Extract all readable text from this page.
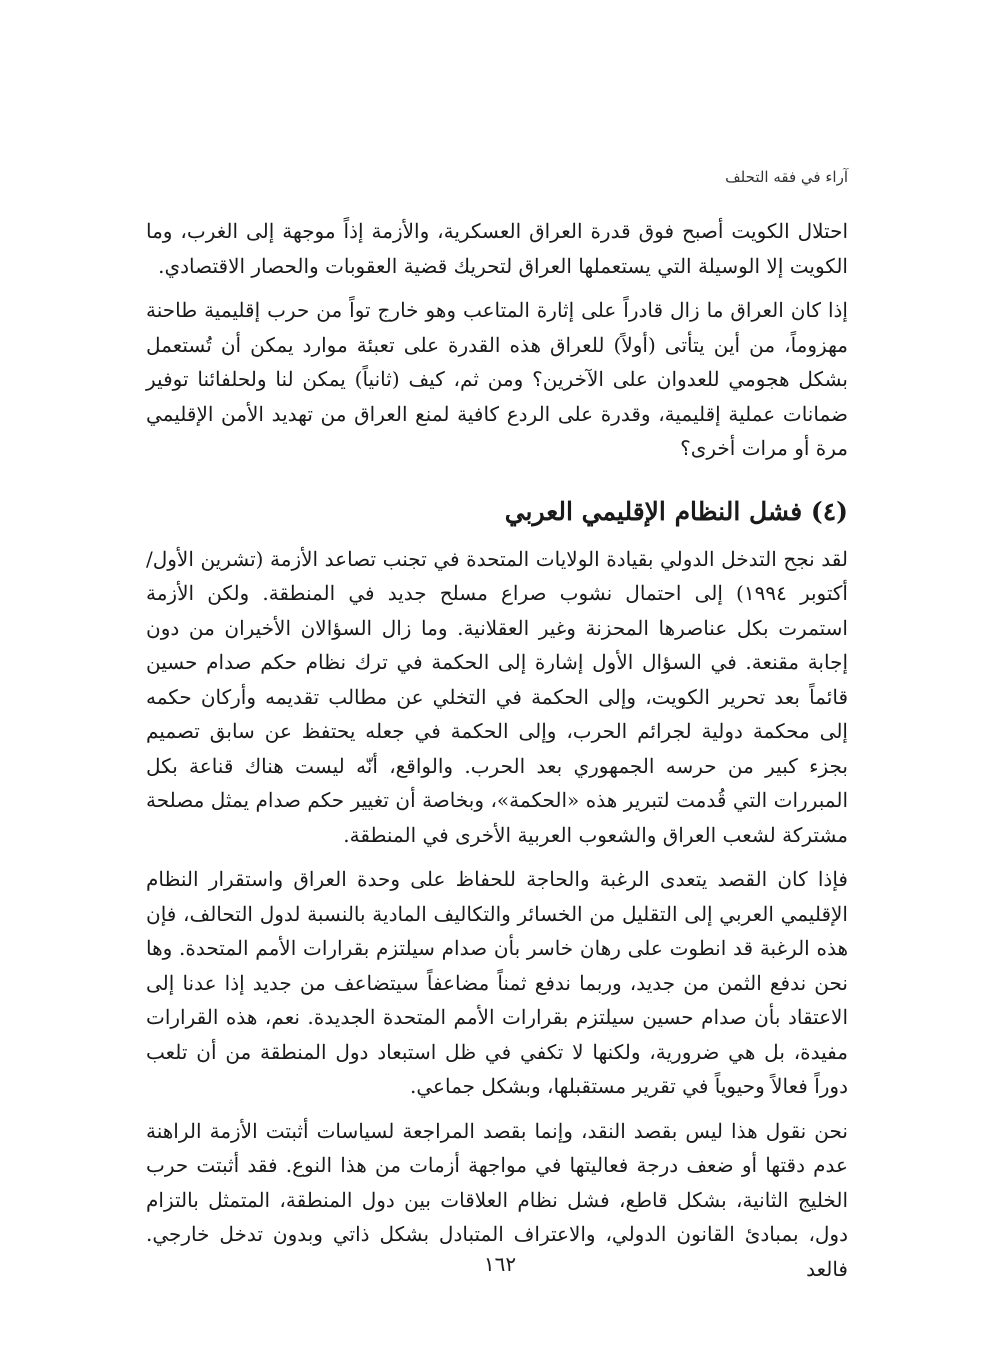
آراء في فقه التحلف

احتلال الكويت أصبح فوق قدرة العراق العسكرية، والأزمة إذاً موجهة إلى الغرب، وما الكويت إلا الوسيلة التي يستعملها العراق لتحريك قضية العقوبات والحصار الاقتصادي.

إذا كان العراق ما زال قادراً على إثارة المتاعب وهو خارج تواً من حرب إقليمية طاحنة مهزوماً، من أين يتأتى (أولاً) للعراق هذه القدرة على تعبئة موارد يمكن أن تُستعمل بشكل هجومي للعدوان على الآخرين؟ ومن ثم، كيف (ثانياً) يمكن لنا ولحلفائنا توفير ضمانات عملية إقليمية، وقدرة على الردع كافية لمنع العراق من تهديد الأمن الإقليمي مرة أو مرات أخرى؟

(٤) فشل النظام الإقليمي العربي

لقد نجح التدخل الدولي بقيادة الولايات المتحدة في تجنب تصاعد الأزمة (تشرين الأول/ أكتوبر ١٩٩٤) إلى احتمال نشوب صراع مسلح جديد في المنطقة. ولكن الأزمة استمرت بكل عناصرها المحزنة وغير العقلانية. وما زال السؤالان الأخيران من دون إجابة مقنعة. في السؤال الأول إشارة إلى الحكمة في ترك نظام حكم صدام حسين قائماً بعد تحرير الكويت، وإلى الحكمة في التخلي عن مطالب تقديمه وأركان حكمه إلى محكمة دولية لجرائم الحرب، وإلى الحكمة في جعله يحتفظ عن سابق تصميم بجزء كبير من حرسه الجمهوري بعد الحرب. والواقع، أنّه ليست هناك قناعة بكل المبررات التي قُدمت لتبرير هذه «الحكمة»، وبخاصة أن تغيير حكم صدام يمثل مصلحة مشتركة لشعب العراق والشعوب العربية الأخرى في المنطقة.

فإذا كان القصد يتعدى الرغبة والحاجة للحفاظ على وحدة العراق واستقرار النظام الإقليمي العربي إلى التقليل من الخسائر والتكاليف المادية بالنسبة لدول التحالف، فإن هذه الرغبة قد انطوت على رهان خاسر بأن صدام سيلتزم بقرارات الأمم المتحدة. وها نحن ندفع الثمن من جديد، وربما ندفع ثمناً مضاعفاً سيتضاعف من جديد إذا عدنا إلى الاعتقاد بأن صدام حسين سيلتزم بقرارات الأمم المتحدة الجديدة. نعم، هذه القرارات مفيدة، بل هي ضرورية، ولكنها لا تكفي في ظل استبعاد دول المنطقة من أن تلعب دوراً فعالاً وحيوياً في تقرير مستقبلها، وبشكل جماعي.

نحن نقول هذا ليس بقصد النقد، وإنما بقصد المراجعة لسياسات أثبتت الأزمة الراهنة عدم دقتها أو ضعف درجة فعاليتها في مواجهة أزمات من هذا النوع. فقد أثبتت حرب الخليج الثانية، بشكل قاطع، فشل نظام العلاقات بين دول المنطقة، المتمثل بالتزام دول، بمبادئ القانون الدولي، والاعتراف المتبادل بشكل ذاتي وبدون تدخل خارجي. فالعد

١٦٢
